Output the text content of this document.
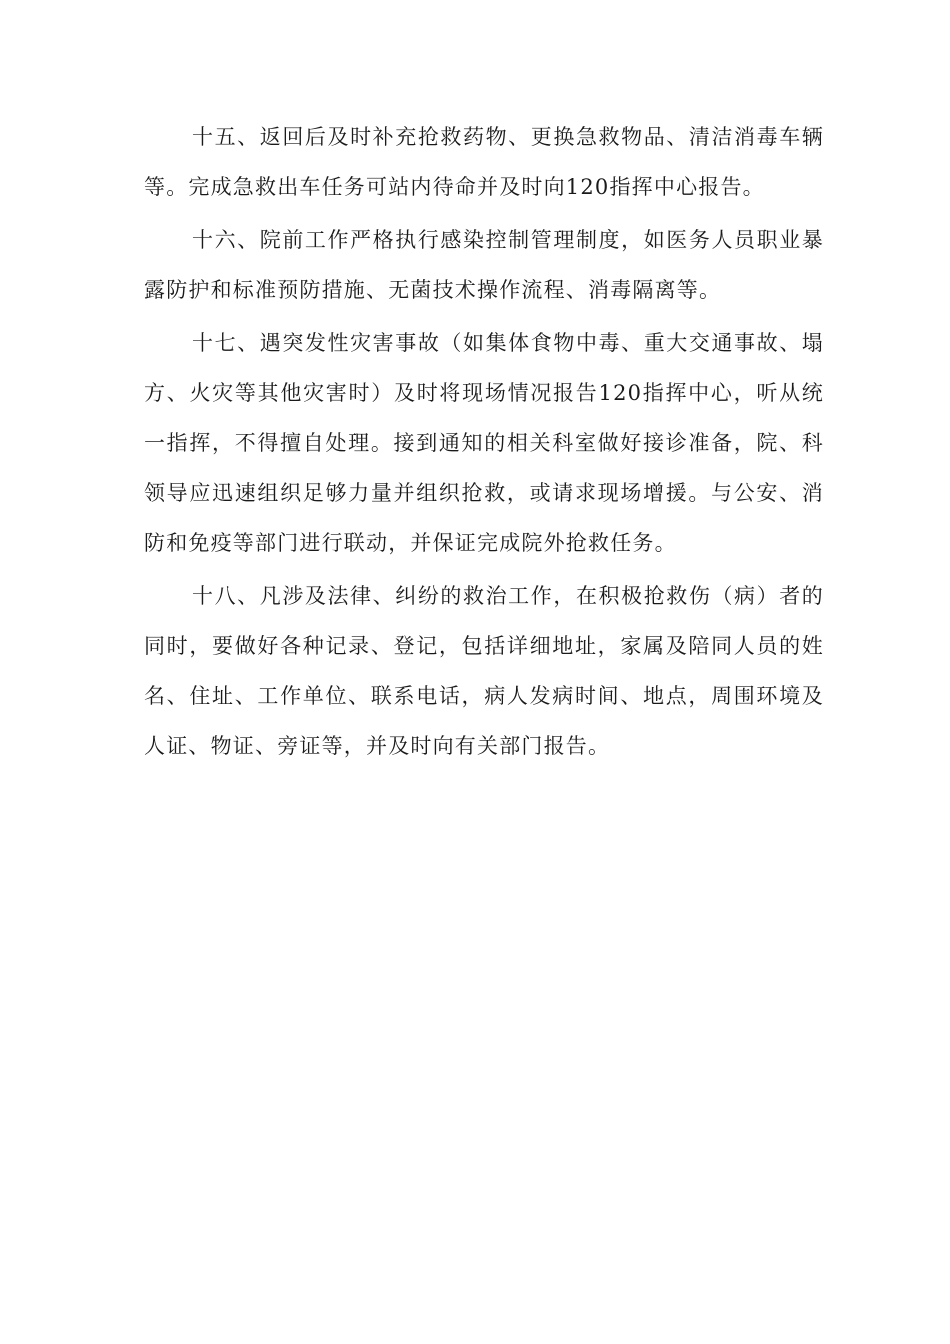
十五、返回后及时补充抢救药物、更换急救物品、清洁消毒车辆等。完成急救出车任务可站内待命并及时向120指挥中心报告。

十六、院前工作严格执行感染控制管理制度，如医务人员职业暴露防护和标准预防措施、无菌技术操作流程、消毒隔离等。

十七、遇突发性灾害事故（如集体食物中毒、重大交通事故、塌方、火灾等其他灾害时）及时将现场情况报告120指挥中心，听从统一指挥，不得擅自处理。接到通知的相关科室做好接诊准备，院、科领导应迅速组织足够力量并组织抢救，或请求现场增援。与公安、消防和免疫等部门进行联动，并保证完成院外抢救任务。

十八、凡涉及法律、纠纷的救治工作，在积极抢救伤（病）者的同时，要做好各种记录、登记，包括详细地址，家属及陪同人员的姓名、住址、工作单位、联系电话，病人发病时间、地点，周围环境及人证、物证、旁证等，并及时向有关部门报告。
